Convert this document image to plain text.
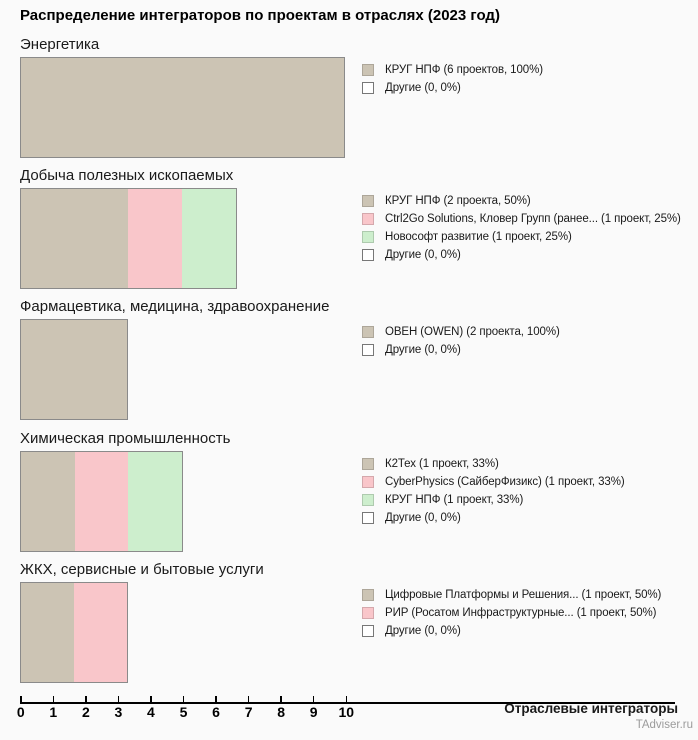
Распределение интеграторов по проектам в отраслях (2023 год)
Энергетика
КРУГ НПФ (6 проектов, 100%)
Другие (0, 0%)
Добыча полезных ископаемых
КРУГ НПФ (2 проекта, 50%)
Ctrl2Go Solutions, Кловер Групп (ранее... (1 проект, 25%)
Новософт развитие (1 проект, 25%)
Другие (0, 0%)
Фармацевтика, медицина, здравоохранение
ОВЕН (OWEN) (2 проекта, 100%)
Другие (0, 0%)
Химическая промышленность
К2Тех (1 проект, 33%)
CyberPhysics (СайберФизикс) (1 проект, 33%)
КРУГ НПФ (1 проект, 33%)
Другие (0, 0%)
ЖКХ, сервисные и бытовые услуги
Цифровые Платформы и Решения... (1 проект, 50%)
РИР (Росатом Инфраструктурные... (1 проект, 50%)
Другие (0, 0%)
0 1 2 3 4 5 6 7 8 9 10	Отраслевые интеграторы
TAdviser.ru
